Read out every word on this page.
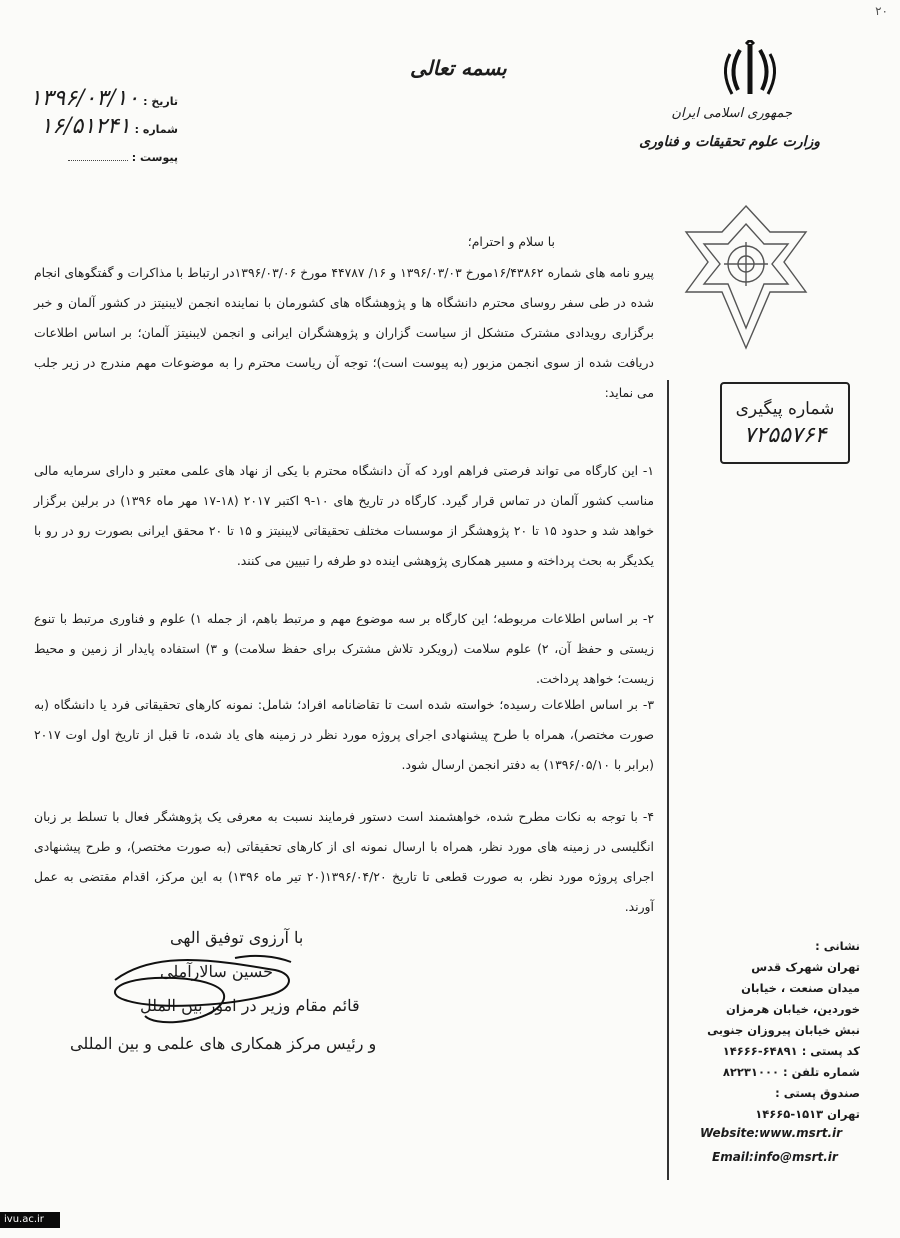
۲۰
بسمه تعالی
جمهوری اسلامی ایران
وزارت علوم تحقیقات و فناوری
تاریخ :
۱۳۹۶/۰۳/۱۰
شماره :
۱۶/۵۱۲۴۱
پیوست :
شماره پیگیری
۷۲۵۵۷۶۴
با سلام و احترام؛
پیرو نامه های شماره ۱۶/۴۳۸۶۲مورخ ۱۳۹۶/۰۳/۰۳ و ۱۶/ ۴۴۷۸۷ مورخ ۱۳۹۶/۰۳/۰۶در ارتباط با مذاکرات و گفتگوهای انجام شده در طی سفر روسای محترم دانشگاه ها و پژوهشگاه های کشورمان با نماینده انجمن لایبنیتز در کشور آلمان و خبر برگزاری رویدادی مشترک متشکل از سیاست گزاران و پژوهشگران ایرانی و انجمن لایبنیتز آلمان؛ بر اساس اطلاعات دریافت شده از سوی انجمن مزبور (به پیوست است)؛ توجه آن ریاست محترم را به موضوعات مهم مندرج در زیر جلب می نماید:
۱- این کارگاه می تواند فرصتی فراهم اورد که آن دانشگاه محترم با یکی از نهاد های علمی معتبر و دارای سرمایه مالی مناسب کشور آلمان در تماس قرار گیرد. کارگاه در تاریخ های ۱۰-۹ اکتبر ۲۰۱۷ (۱۸-۱۷ مهر ماه ۱۳۹۶) در برلین برگزار خواهد شد و حدود ۱۵ تا ۲۰ پژوهشگر از موسسات مختلف تحقیقاتی لایبنیتز و ۱۵ تا ۲۰ محقق ایرانی بصورت رو در رو با یکدیگر به بحث پرداخته و مسیر همکاری پژوهشی اینده دو طرفه را تبیین می کنند.
۲- بر اساس اطلاعات مربوطه؛ این کارگاه بر سه موضوع مهم و مرتبط باهم، از جمله ۱) علوم و فناوری مرتبط با تنوع زیستی و حفظ آن، ۲) علوم سلامت (رویکرد تلاش مشترک برای حفظ سلامت) و ۳) استفاده پایدار از زمین و محیط زیست؛ خواهد پرداخت.
۳- بر اساس اطلاعات رسیده؛ خواسته شده است تا تقاضانامه افراد؛ شامل: نمونه کارهای تحقیقاتی فرد یا دانشگاه (به صورت مختصر)، همراه با طرح پیشنهادی اجرای پروژه مورد نظر در زمینه های یاد شده، تا قبل از تاریخ اول اوت ۲۰۱۷ (برابر با ۱۳۹۶/۰۵/۱۰) به دفتر انجمن ارسال شود.
۴- با توجه به نکات مطرح شده، خواهشمند است دستور فرمایند نسبت به معرفی یک پژوهشگر فعال با تسلط بر زبان انگلیسی در زمینه های مورد نظر، همراه با ارسال نمونه ای از کارهای تحقیقاتی (به صورت مختصر)، و طرح پیشنهادی اجرای پروژه مورد نظر، به صورت قطعی تا تاریخ ۱۳۹۶/۰۴/۲۰(۲۰ تیر ماه ۱۳۹۶) به این مرکز، اقدام مقتضی به عمل آورند.
با آرزوی توفیق الهی
حسین سالارآملی
قائم مقام وزیر در امور بین الملل
و رئیس مرکز همکاری های علمی و بین المللی
نشانی :
تهران شهرک قدس
میدان صنعت ، خیابان
خوردین، خیابان هرمزان
نبش خیابان پیروزان جنوبی
کد پستی : ۶۴۸۹۱-۱۴۶۶۶
شماره تلفن : ۸۲۲۳۱۰۰۰
صندوق پستی :
تهران ۱۵۱۳-۱۴۶۶۵
Website:www.msrt.ir
Email:info@msrt.ir
ivu.ac.ir
